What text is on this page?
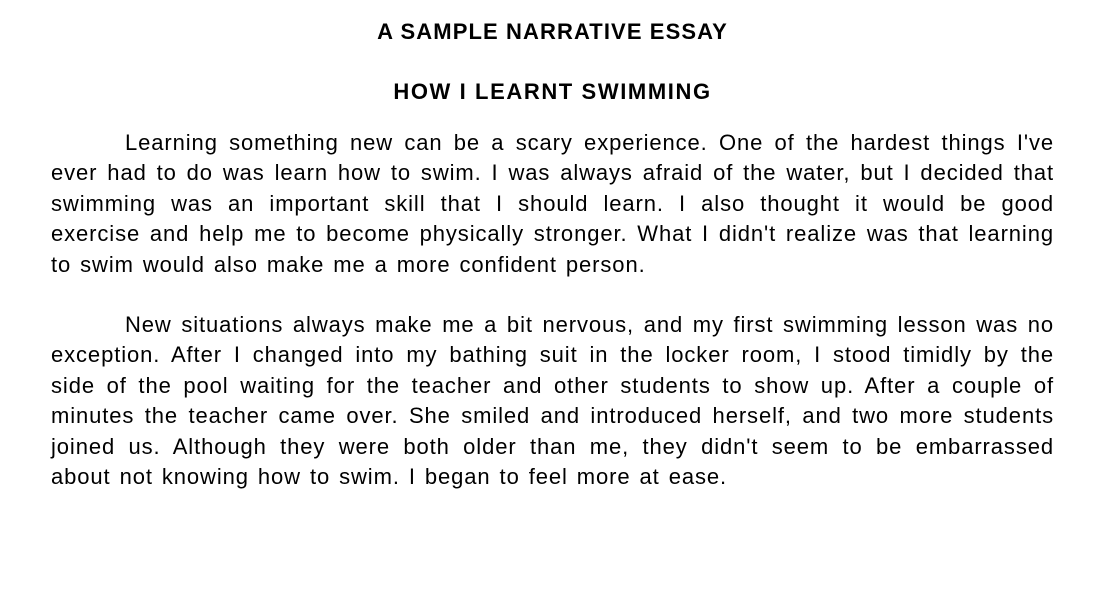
A SAMPLE NARRATIVE ESSAY
HOW I LEARNT SWIMMING

Learning something new can be a scary experience. One of the hardest things I've ever had to do was learn how to swim. I was always afraid of the water, but I decided that swimming was an important skill that I should learn. I also thought it would be good exercise and help me to become physically stronger. What I didn't realize was that learning to swim would also make me a more confident person.

New situations always make me a bit nervous, and my first swimming lesson was no exception. After I changed into my bathing suit in the locker room, I stood timidly by the side of the pool waiting for the teacher and other students to show up. After a couple of minutes the teacher came over. She smiled and introduced herself, and two more students joined us. Although they were both older than me, they didn't seem to be embarrassed about not knowing how to swim. I began to feel more at ease.
